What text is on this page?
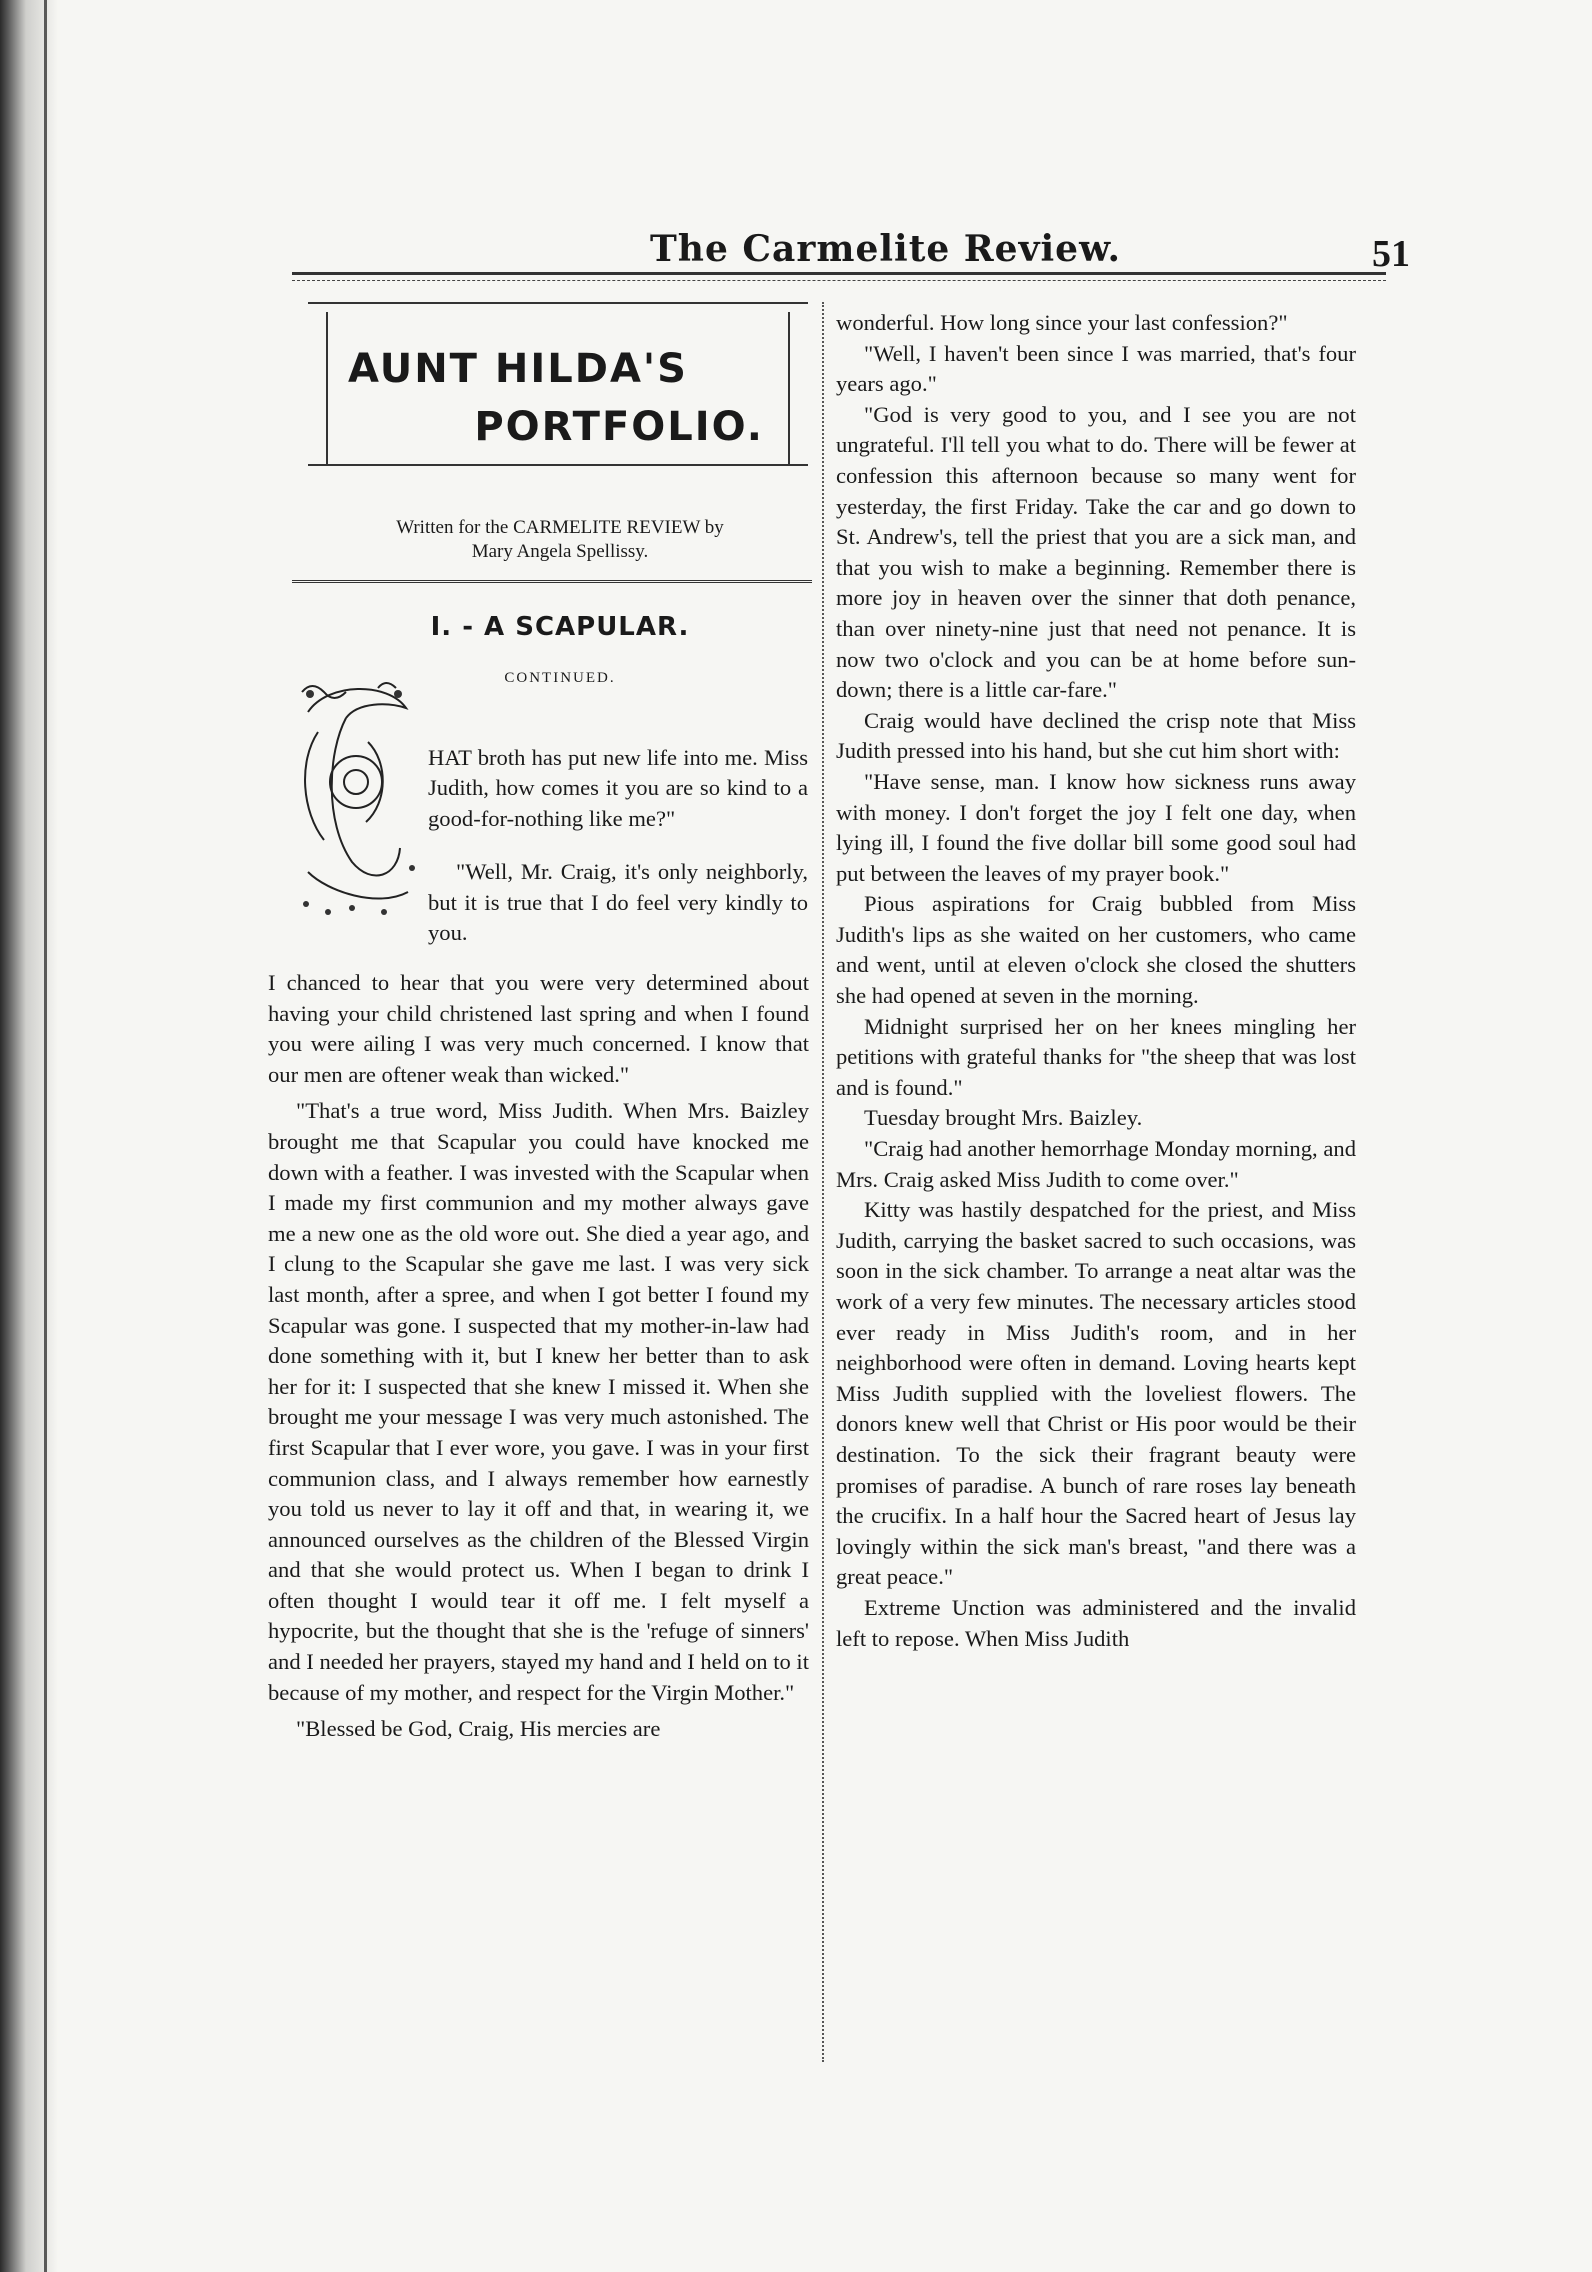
The Carmelite Review.	51
AUNT HILDA'S
PORTFOLIO.
Written for the CARMELITE REVIEW by
Mary Angela Spellissy.
I. - A SCAPULAR.
CONTINUED.

HAT broth has put new life into me. Miss Judith, how comes it you are so kind to a good-for-nothing like me?"

"Well, Mr. Craig, it's only neighborly, but it is true that I do feel very kindly to you.

I chanced to hear that you were very determined about having your child christened last spring and when I found you were ailing I was very much concerned. I know that our men are oftener weak than wicked."

"That's a true word, Miss Judith. When Mrs. Baizley brought me that Scapular you could have knocked me down with a feather. I was invested with the Scapular when I made my first communion and my mother always gave me a new one as the old wore out. She died a year ago, and I clung to the Scapular she gave me last. I was very sick last month, after a spree, and when I got better I found my Scapular was gone. I suspected that my mother-in-law had done something with it, but I knew her better than to ask her for it: I suspected that she knew I missed it. When she brought me your message I was very much astonished. The first Scapular that I ever wore, you gave. I was in your first communion class, and I always remember how earnestly you told us never to lay it off and that, in wearing it, we announced ourselves as the children of the Blessed Virgin and that she would protect us. When I began to drink I often thought I would tear it off me. I felt myself a hypocrite, but the thought that she is the 'refuge of sinners' and I needed her prayers, stayed my hand and I held on to it because of my mother, and respect for the Virgin Mother."

"Blessed be God, Craig, His mercies are

wonderful. How long since your last confession?"

"Well, I haven't been since I was married, that's four years ago."

"God is very good to you, and I see you are not ungrateful. I'll tell you what to do. There will be fewer at confession this afternoon because so many went for yesterday, the first Friday. Take the car and go down to St. Andrew's, tell the priest that you are a sick man, and that you wish to make a beginning. Remember there is more joy in heaven over the sinner that doth penance, than over ninety-nine just that need not penance. It is now two o'clock and you can be at home before sun-down; there is a little car-fare."

Craig would have declined the crisp note that Miss Judith pressed into his hand, but she cut him short with:

"Have sense, man. I know how sickness runs away with money. I don't forget the joy I felt one day, when lying ill, I found the five dollar bill some good soul had put between the leaves of my prayer book."

Pious aspirations for Craig bubbled from Miss Judith's lips as she waited on her customers, who came and went, until at eleven o'clock she closed the shutters she had opened at seven in the morning.

Midnight surprised her on her knees mingling her petitions with grateful thanks for "the sheep that was lost and is found."

Tuesday brought Mrs. Baizley.

"Craig had another hemorrhage Monday morning, and Mrs. Craig asked Miss Judith to come over."

Kitty was hastily despatched for the priest, and Miss Judith, carrying the basket sacred to such occasions, was soon in the sick chamber. To arrange a neat altar was the work of a very few minutes. The necessary articles stood ever ready in Miss Judith's room, and in her neighborhood were often in demand. Loving hearts kept Miss Judith supplied with the loveliest flowers. The donors knew well that Christ or His poor would be their destination. To the sick their fragrant beauty were promises of paradise. A bunch of rare roses lay beneath the crucifix. In a half hour the Sacred heart of Jesus lay lovingly within the sick man's breast, "and there was a great peace."

Extreme Unction was administered and the invalid left to repose. When Miss Judith
